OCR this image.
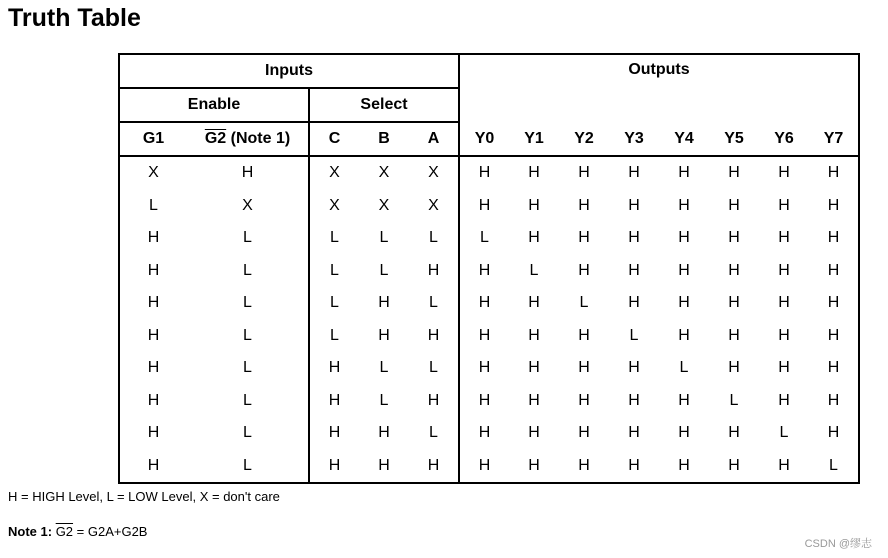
Truth Table
Inputs					Outputs							
Enable		Select										
G1	G2 (Note 1)	C	B	A	Y0	Y1	Y2	Y3	Y4	Y5	Y6	Y7
X	H	X	X	X	H	H	H	H	H	H	H	H
L	X	X	X	X	H	H	H	H	H	H	H	H
H	L	L	L	L	L	H	H	H	H	H	H	H
H	L	L	L	H	H	L	H	H	H	H	H	H
H	L	L	H	L	H	H	L	H	H	H	H	H
H	L	L	H	H	H	H	H	L	H	H	H	H
H	L	H	L	L	H	H	H	H	L	H	H	H
H	L	H	L	H	H	H	H	H	H	L	H	H
H	L	H	H	L	H	H	H	H	H	H	L	H
H	L	H	H	H	H	H	H	H	H	H	H	L
H = HIGH Level, L = LOW Level, X = don't care
Note 1: G2 = G2A+G2B
CSDN @缪志
